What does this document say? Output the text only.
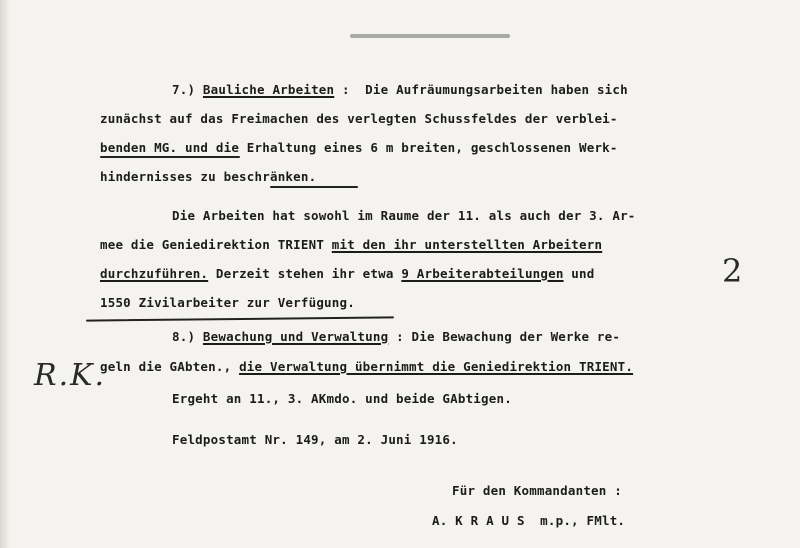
7.) Bauliche Arbeiten :  Die Aufräumungsarbeiten haben sich
zunächst auf das Freimachen des verlegten Schussfeldes der verblei-
benden MG. und die Erhaltung eines 6 m breiten, geschlossenen Werk-
hindernisses zu beschränken.
Die Arbeiten hat sowohl im Raume der 11. als auch der 3. Ar-
mee die Geniedirektion TRIENT mit den ihr unterstellten Arbeitern
durchzuführen. Derzeit stehen ihr etwa 9 Arbeiterabteilungen und
1550 Zivilarbeiter zur Verfügung.
8.) Bewachung und Verwaltung : Die Bewachung der Werke re-
geln die GAbten., die Verwaltung übernimmt die Geniedirektion TRIENT.
Ergeht an 11., 3. AKmdo. und beide GAbtigen.
Feldpostamt Nr. 149, am 2. Juni 1916.
Für den Kommandanten :
A. K R A U S  m.p., FMlt.
2
R.K.
